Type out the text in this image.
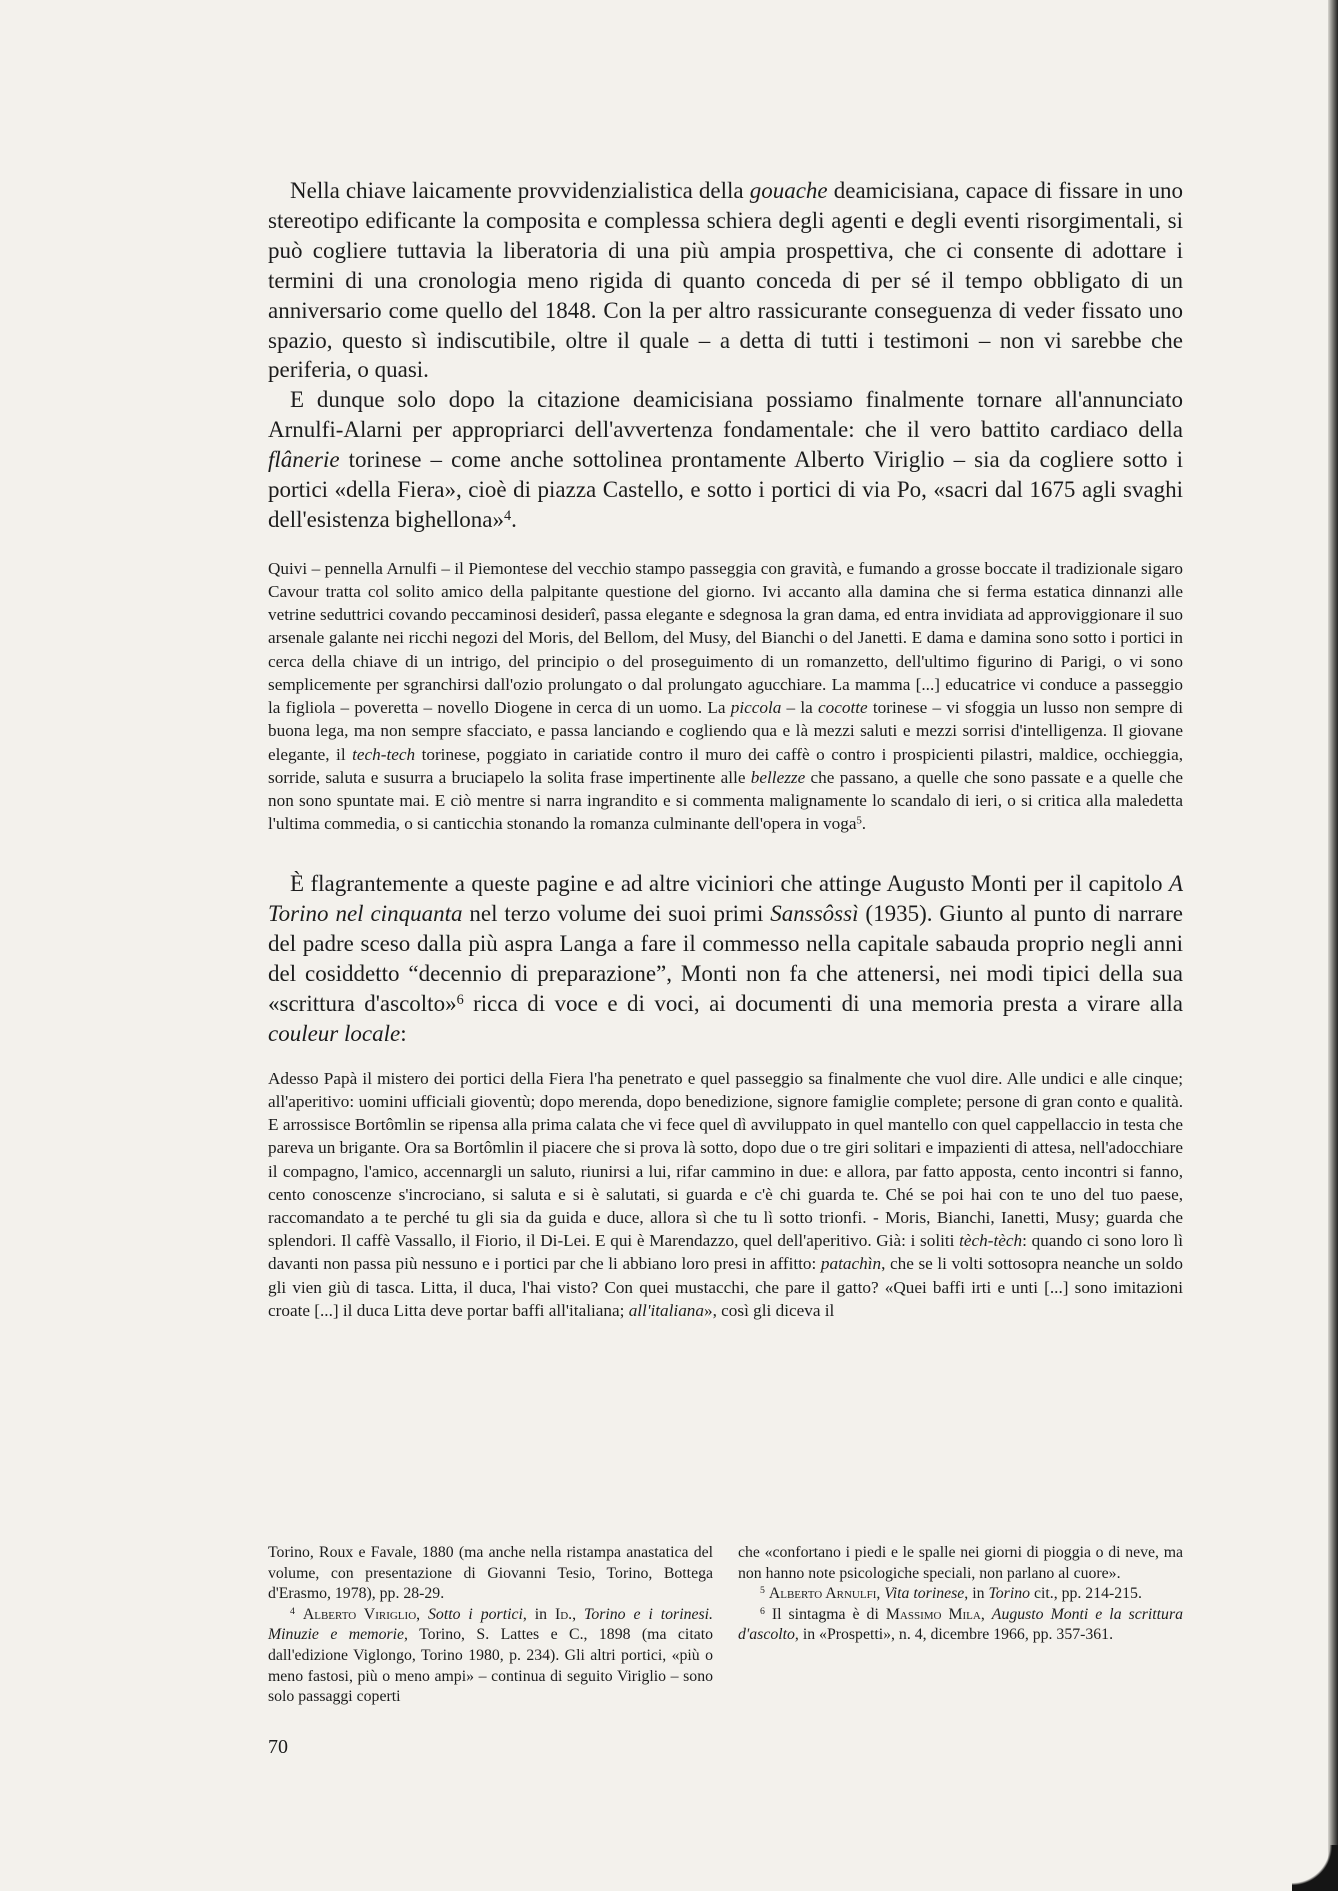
Nella chiave laicamente provvidenzialistica della gouache deamicisiana, capace di fissare in uno stereotipo edificante la composita e complessa schiera degli agenti e degli eventi risorgimentali, si può cogliere tuttavia la liberatoria di una più ampia prospettiva, che ci consente di adottare i termini di una cronologia meno rigida di quanto conceda di per sé il tempo obbligato di un anniversario come quello del 1848. Con la per altro rassicurante conseguenza di veder fissato uno spazio, questo sì indiscutibile, oltre il quale – a detta di tutti i testimoni – non vi sarebbe che periferia, o quasi.

E dunque solo dopo la citazione deamicisiana possiamo finalmente tornare all'annunciato Arnulfi-Alarni per appropriarci dell'avvertenza fondamentale: che il vero battito cardiaco della flânerie torinese – come anche sottolinea prontamente Alberto Viriglio – sia da cogliere sotto i portici «della Fiera», cioè di piazza Castello, e sotto i portici di via Po, «sacri dal 1675 agli svaghi dell'esistenza bighellona»$^4$.

Quivi – pennella Arnulfi – il Piemontese del vecchio stampo passeggia con gravità, e fumando a grosse boccate il tradizionale sigaro Cavour tratta col solito amico della palpitante questione del giorno. Ivi accanto alla damina che si ferma estatica dinnanzi alle vetrine seduttrici covando peccaminosi desiderî, passa elegante e sdegnosa la gran dama, ed entra invidiata ad approviggionare il suo arsenale galante nei ricchi negozi del Moris, del Bellom, del Musy, del Bianchi o del Janetti. E dama e damina sono sotto i portici in cerca della chiave di un intrigo, del principio o del proseguimento di un romanzetto, dell'ultimo figurino di Parigi, o vi sono semplicemente per sgranchirsi dall'ozio prolungato o dal prolungato agucchiare. La mamma [...] educatrice vi conduce a passeggio la figliola – poveretta – novello Diogene in cerca di un uomo. La piccola – la cocotte torinese – vi sfoggia un lusso non sempre di buona lega, ma non sempre sfacciato, e passa lanciando e cogliendo qua e là mezzi saluti e mezzi sorrisi d'intelligenza. Il giovane elegante, il tech-tech torinese, poggiato in cariatide contro il muro dei caffè o contro i prospicienti pilastri, maldice, occhieggia, sorride, saluta e susurra a bruciapelo la solita frase impertinente alle bellezze che passano, a quelle che sono passate e a quelle che non sono spuntate mai. E ciò mentre si narra ingrandito e si commenta malignamente lo scandalo di ieri, o si critica alla maledetta l'ultima commedia, o si canticchia stonando la romanza culminante dell'opera in voga$^5$.

È flagrantemente a queste pagine e ad altre viciniori che attinge Augusto Monti per il capitolo A Torino nel cinquanta nel terzo volume dei suoi primi Sanssôssì (1935). Giunto al punto di narrare del padre sceso dalla più aspra Langa a fare il commesso nella capitale sabauda proprio negli anni del cosiddetto “decennio di preparazione”, Monti non fa che attenersi, nei modi tipici della sua «scrittura d'ascolto»$^6$ ricca di voce e di voci, ai documenti di una memoria presta a virare alla couleur locale:

Adesso Papà il mistero dei portici della Fiera l'ha penetrato e quel passeggio sa finalmente che vuol dire. Alle undici e alle cinque; all'aperitivo: uomini ufficiali gioventù; dopo merenda, dopo benedizione, signore famiglie complete; persone di gran conto e qualità. E arrossisce Bortômlin se ripensa alla prima calata che vi fece quel dì avviluppato in quel mantello con quel cappellaccio in testa che pareva un brigante. Ora sa Bortômlin il piacere che si prova là sotto, dopo due o tre giri solitari e impazienti di attesa, nell'adocchiare il compagno, l'amico, accennargli un saluto, riunirsi a lui, rifar cammino in due: e allora, par fatto apposta, cento incontri si fanno, cento conoscenze s'incrociano, si saluta e si è salutati, si guarda e c'è chi guarda te. Ché se poi hai con te uno del tuo paese, raccomandato a te perché tu gli sia da guida e duce, allora sì che tu lì sotto trionfi. - Moris, Bianchi, Ianetti, Musy; guarda che splendori. Il caffè Vassallo, il Fiorio, il Di-Lei. E qui è Marendazzo, quel dell'aperitivo. Già: i soliti tèch-tèch: quando ci sono loro lì davanti non passa più nessuno e i portici par che li abbiano loro presi in affitto: patachìn, che se li volti sottosopra neanche un soldo gli vien giù di tasca. Litta, il duca, l'hai visto? Con quei mustacchi, che pare il gatto? «Quei baffi irti e unti [...] sono imitazioni croate [...] il duca Litta deve portar baffi all'italiana; all'italiana», così gli diceva il

Torino, Roux e Favale, 1880 (ma anche nella ristampa anastatica del volume, con presentazione di Giovanni Tesio, Torino, Bottega d'Erasmo, 1978), pp. 28-29.

$^4$ Alberto Viriglio, Sotto i portici, in Id., Torino e i torinesi. Minuzie e memorie, Torino, S. Lattes e C., 1898 (ma citato dall'edizione Viglongo, Torino 1980, p. 234). Gli altri portici, «più o meno fastosi, più o meno ampi» – continua di seguito Viriglio – sono solo passaggi coperti

che «confortano i piedi e le spalle nei giorni di pioggia o di neve, ma non hanno note psicologiche speciali, non parlano al cuore».

$^5$ Alberto Arnulfi, Vita torinese, in Torino cit., pp. 214-215.

$^6$ Il sintagma è di Massimo Mila, Augusto Monti e la scrittura d'ascolto, in «Prospetti», n. 4, dicembre 1966, pp. 357-361.

70
